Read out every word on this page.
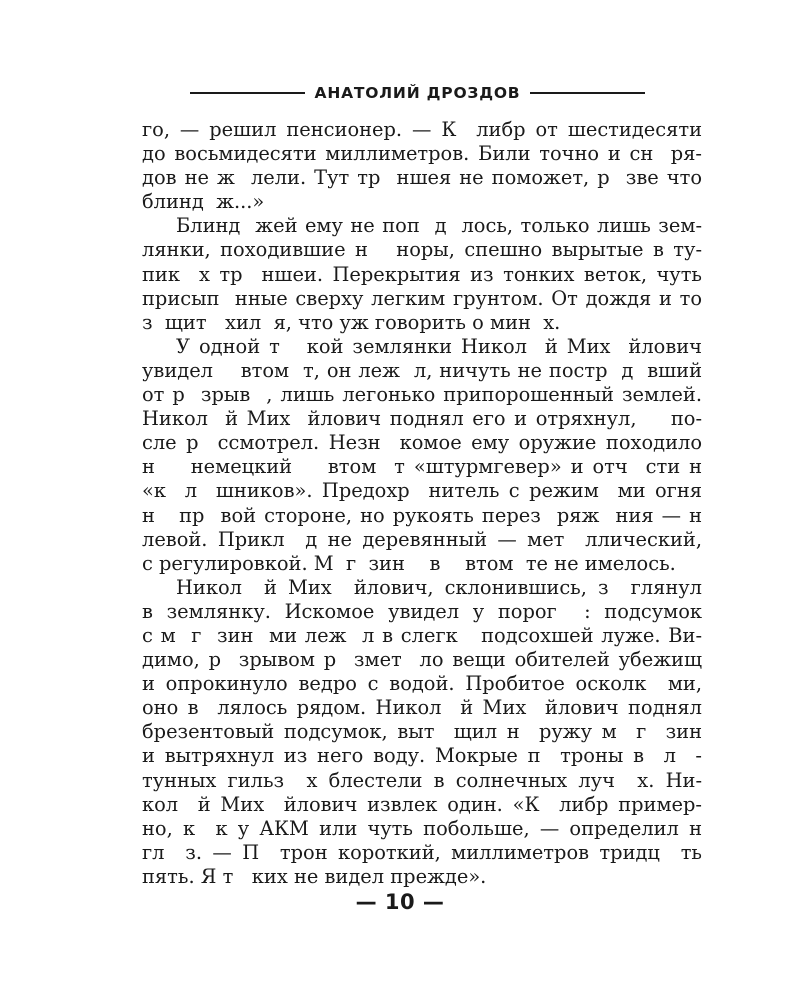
АНАТОЛИЙ ДРОЗДОВ
го, — решил пенсионер. — К  либр от шестидесяти
до восьмидесяти миллиметров. Били точно и сн  ря-
дов не ж  лели. Тут тр  ншея не поможет, р  зве что
блинд  ж...»
Блинд  жей ему не поп  д  лось, только лишь зем-
лянки, походившие н   норы, спешно вырытые в ту-
пик  х тр  ншеи. Перекрытия из тонких веток, чуть
присып  нные сверху легким грунтом. От дождя и то
з  щит   хил  я, что уж говорить о мин  х.
У одной т   кой землянки Никол  й Мих  йлович
увидел    втом  т, он леж  л, ничуть не постр  д  вший
от р  зрыв  , лишь легонько припорошенный землей.
Никол  й Мих  йлович поднял его и отряхнул,    по-
сле р  ссмотрел. Незн  комое ему оружие походило
н    немецкий    втом  т «штурмгевер» и отч  сти н
«к  л  шников». Предохр  нитель с режим  ми огня
н   пр  вой стороне, но рукоять перез  ряж  ния — н
левой. Прикл  д не деревянный — мет  ллический,
с регулировкой. М  г  зин    в    втом  те не имелось.
Никол  й Мих  йлович, склонившись, з  глянул
в землянку. Искомое увидел у порог  : подсумок
с м  г  зин  ми леж  л в слегк   подсохшей луже. Ви-
димо, р  зрывом р  змет  ло вещи обителей убежищ
и опрокинуло ведро с водой. Пробитое осколк  ми,
оно в  лялось рядом. Никол  й Мих  йлович поднял
брезентовый подсумок, выт  щил н  ружу м  г  зин
и вытряхнул из него воду. Мокрые п  троны в  л  -
тунных гильз  х блестели в солнечных луч  х. Ни-
кол  й Мих  йлович извлек один. «К  либр пример-
но, к  к у АКМ или чуть побольше, — определил н
гл  з. — П  трон короткий, миллиметров тридц  ть
пять. Я т   ких не видел прежде».
— 10 —
